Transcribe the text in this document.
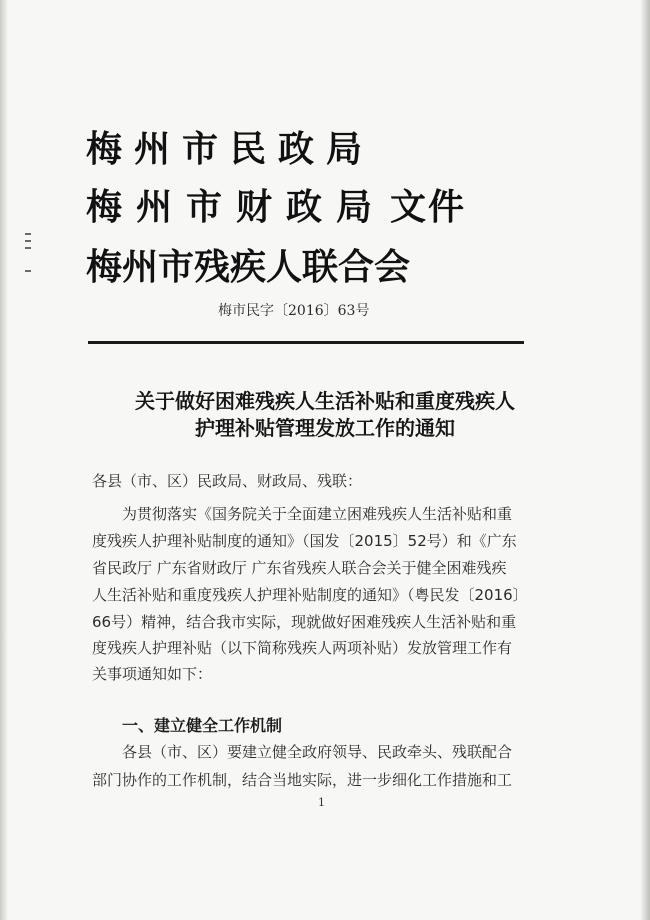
梅州市民政局
梅州市财政局 文件
梅州市残疾人联合会
梅市民字〔2016〕63号
关于做好困难残疾人生活补贴和重度残疾人
护理补贴管理发放工作的通知
各县（市、区）民政局、财政局、残联：
为贯彻落实《国务院关于全面建立困难残疾人生活补贴和重
度残疾人护理补贴制度的通知》（国发〔2015〕52号）和《广东
省民政厅 广东省财政厅 广东省残疾人联合会关于健全困难残疾
人生活补贴和重度残疾人护理补贴制度的通知》（粤民发〔2016〕
66号）精神，结合我市实际，现就做好困难残疾人生活补贴和重
度残疾人护理补贴（以下简称残疾人两项补贴）发放管理工作有
关事项通知如下：
一、建立健全工作机制
各县（市、区）要建立健全政府领导、民政牵头、残联配合
部门协作的工作机制，结合当地实际，进一步细化工作措施和工
1
